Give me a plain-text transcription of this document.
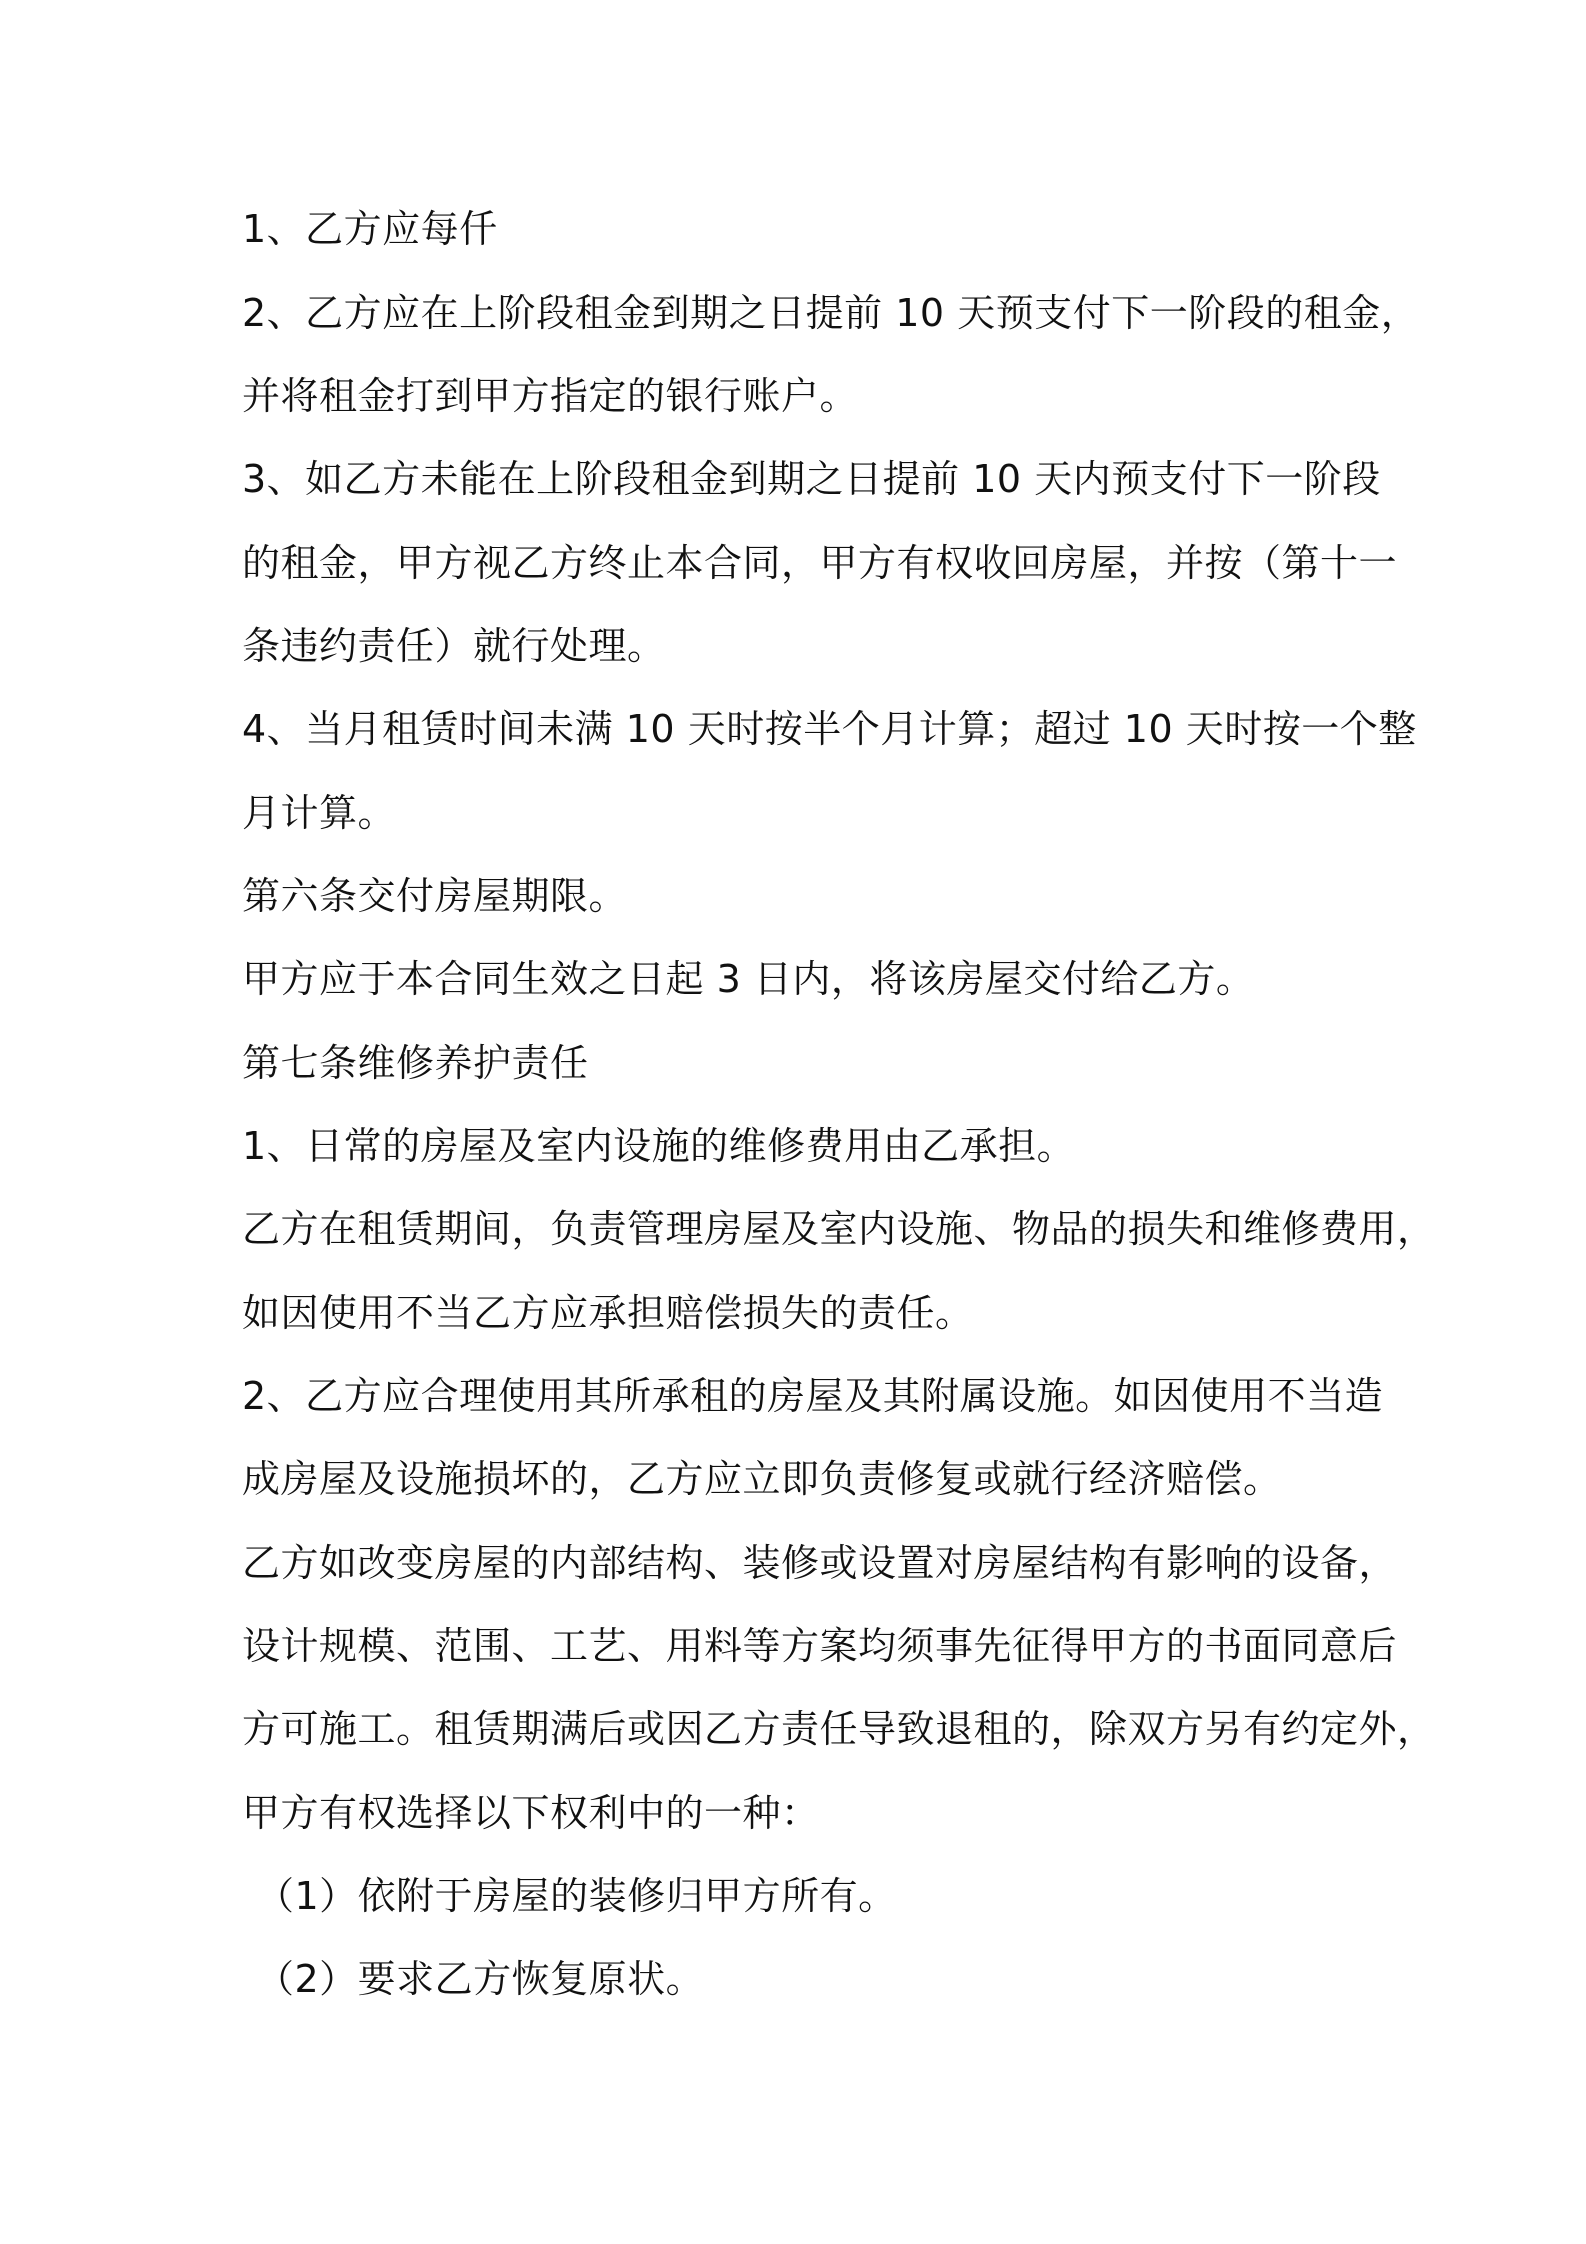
1、乙方应每仟
2、乙方应在上阶段租金到期之日提前 10 天预支付下一阶段的租金，
并将租金打到甲方指定的银行账户。
3、如乙方未能在上阶段租金到期之日提前 10 天内预支付下一阶段
的租金，甲方视乙方终止本合同，甲方有权收回房屋，并按（第十一
条违约责任）就行处理。
4、当月租赁时间未满 10 天时按半个月计算；超过 10 天时按一个整
月计算。
第六条交付房屋期限。
甲方应于本合同生效之日起 3 日内，将该房屋交付给乙方。
第七条维修养护责任
1、日常的房屋及室内设施的维修费用由乙承担。
乙方在租赁期间，负责管理房屋及室内设施、物品的损失和维修费用，
如因使用不当乙方应承担赔偿损失的责任。
2、乙方应合理使用其所承租的房屋及其附属设施。如因使用不当造
成房屋及设施损坏的，乙方应立即负责修复或就行经济赔偿。
乙方如改变房屋的内部结构、装修或设置对房屋结构有影响的设备，
设计规模、范围、工艺、用料等方案均须事先征得甲方的书面同意后
方可施工。租赁期满后或因乙方责任导致退租的，除双方另有约定外，
甲方有权选择以下权利中的一种：
（1）依附于房屋的装修归甲方所有。
（2）要求乙方恢复原状。
